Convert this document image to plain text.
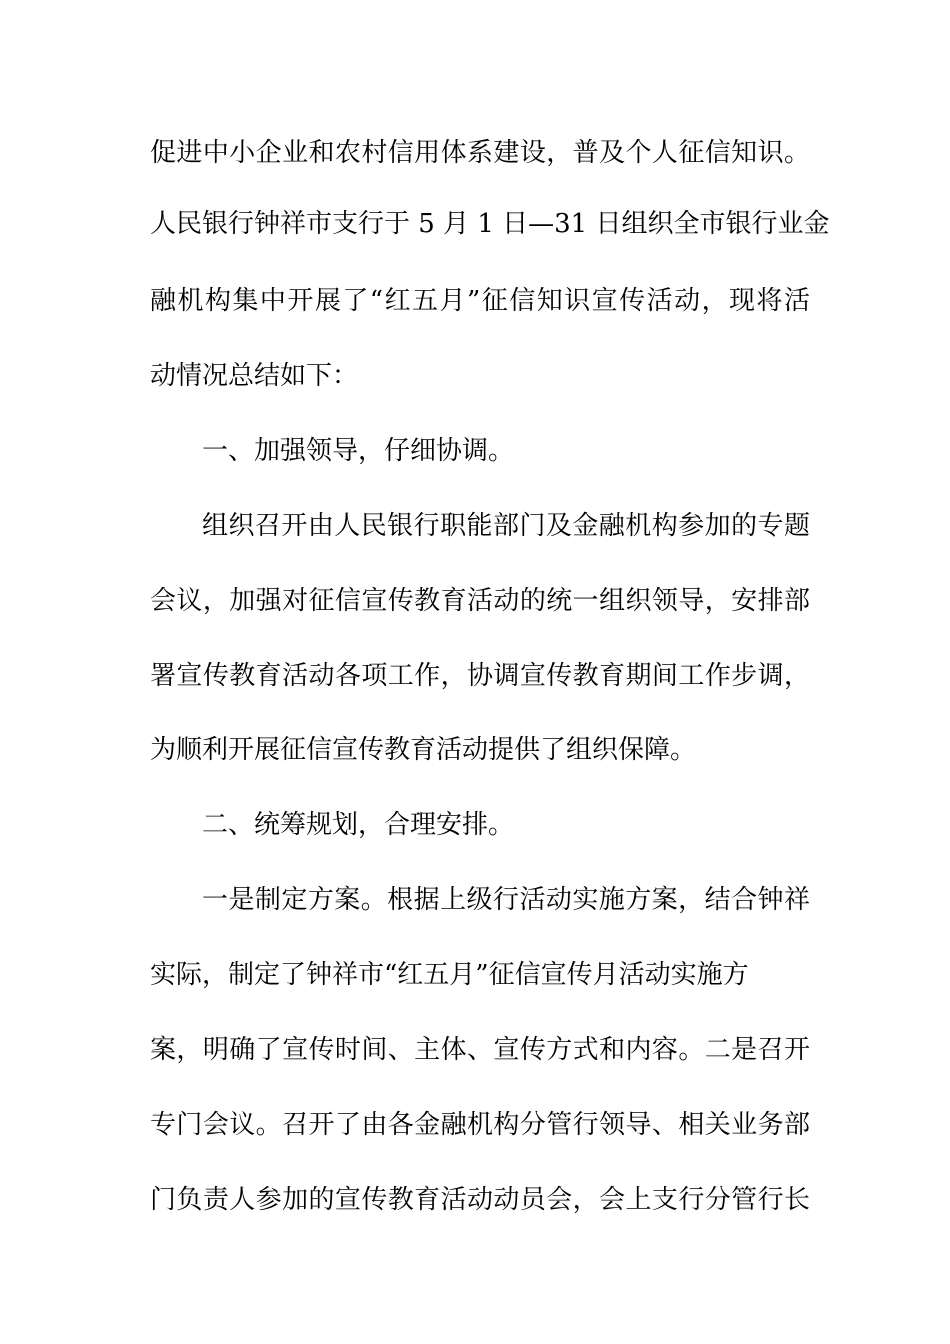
促进中小企业和农村信用体系建设，普及个人征信知识。
人民银行钟祥市支行于 5 月 1 日—31 日组织全市银行业金
融机构集中开展了“红五月”征信知识宣传活动，现将活
动情况总结如下：
一、加强领导，仔细协调。
组织召开由人民银行职能部门及金融机构参加的专题
会议，加强对征信宣传教育活动的统一组织领导，安排部
署宣传教育活动各项工作，协调宣传教育期间工作步调，
为顺利开展征信宣传教育活动提供了组织保障。
二、统筹规划，合理安排。
一是制定方案。根据上级行活动实施方案，结合钟祥
实际，制定了钟祥市“红五月”征信宣传月活动实施方
案，明确了宣传时间、主体、宣传方式和内容。二是召开
专门会议。召开了由各金融机构分管行领导、相关业务部
门负责人参加的宣传教育活动动员会，会上支行分管行长
